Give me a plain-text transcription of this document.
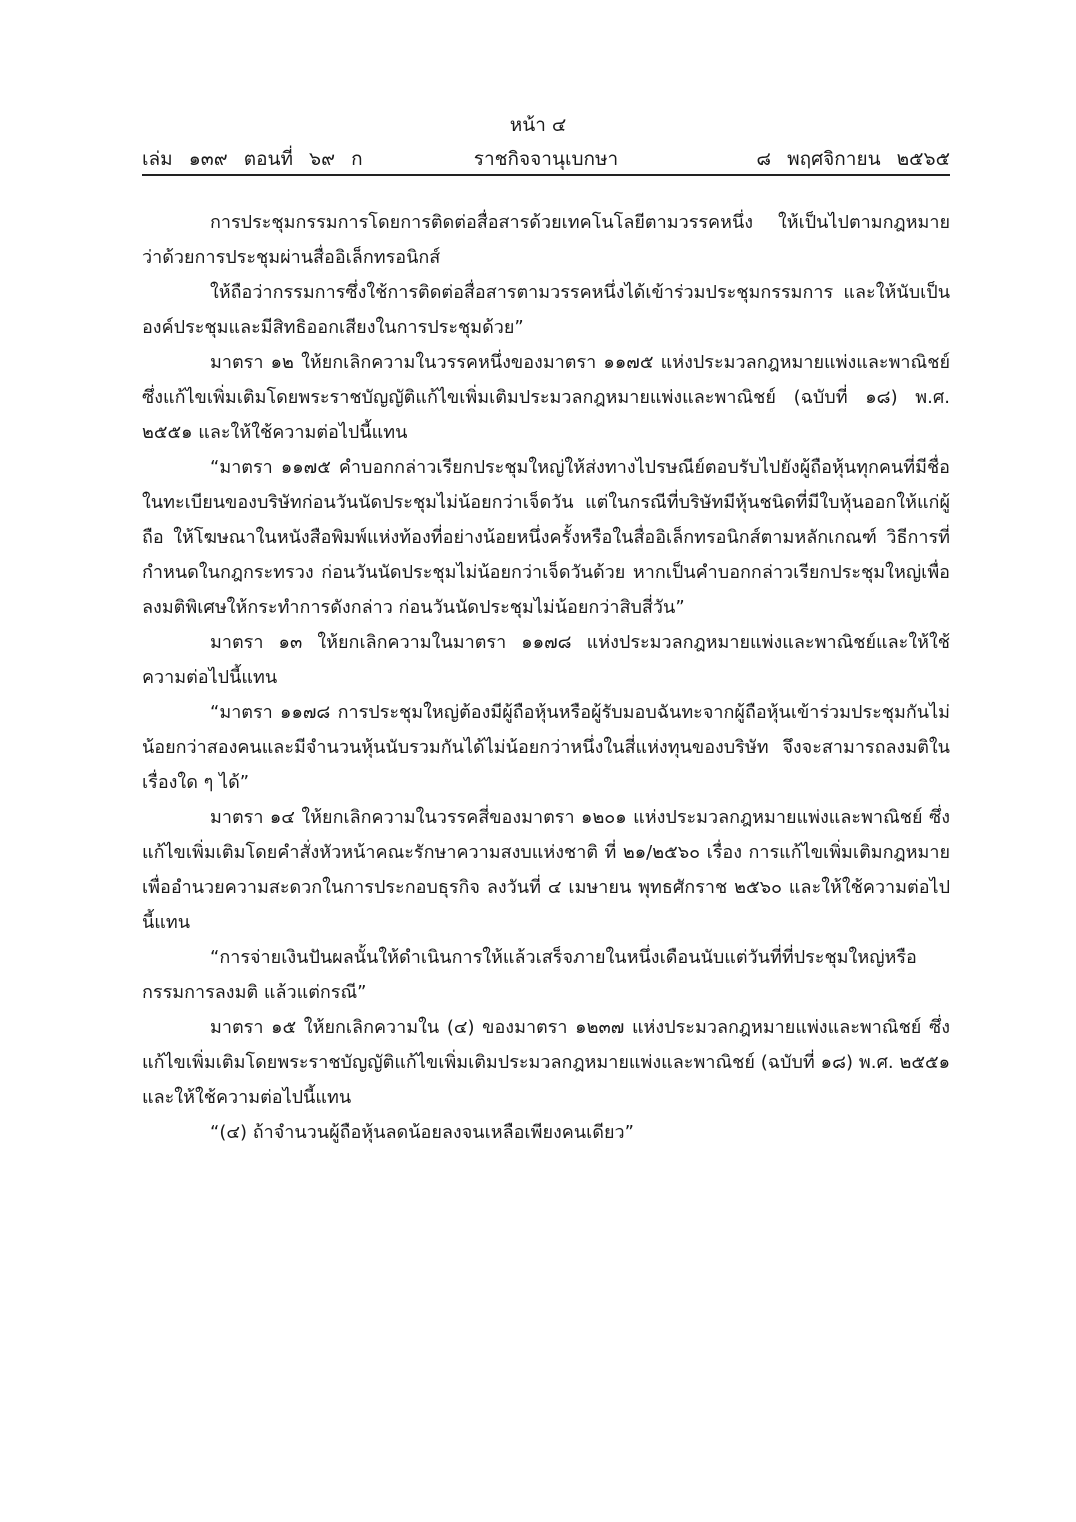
หน้า ๔
เล่ม ๑๓๙ ตอนที่ ๖๙ ก	ราชกิจจานุเบกษา	๘ พฤศจิกายน ๒๕๖๕

การประชุมกรรมการโดยการติดต่อสื่อสารด้วยเทคโนโลยีตามวรรคหนึ่ง ให้เป็นไปตามกฎหมายว่าด้วยการประชุมผ่านสื่ออิเล็กทรอนิกส์

ให้ถือว่ากรรมการซึ่งใช้การติดต่อสื่อสารตามวรรคหนึ่งได้เข้าร่วมประชุมกรรมการ และให้นับเป็นองค์ประชุมและมีสิทธิออกเสียงในการประชุมด้วย”

มาตรา ๑๒ ให้ยกเลิกความในวรรคหนึ่งของมาตรา ๑๑๗๕ แห่งประมวลกฎหมายแพ่งและพาณิชย์ ซึ่งแก้ไขเพิ่มเติมโดยพระราชบัญญัติแก้ไขเพิ่มเติมประมวลกฎหมายแพ่งและพาณิชย์ (ฉบับที่ ๑๘) พ.ศ. ๒๕๕๑ และให้ใช้ความต่อไปนี้แทน

“มาตรา ๑๑๗๕ คำบอกกล่าวเรียกประชุมใหญ่ให้ส่งทางไปรษณีย์ตอบรับไปยังผู้ถือหุ้นทุกคนที่มีชื่อในทะเบียนของบริษัทก่อนวันนัดประชุมไม่น้อยกว่าเจ็ดวัน แต่ในกรณีที่บริษัทมีหุ้นชนิดที่มีใบหุ้นออกให้แก่ผู้ถือ ให้โฆษณาในหนังสือพิมพ์แห่งท้องที่อย่างน้อยหนึ่งครั้งหรือในสื่ออิเล็กทรอนิกส์ตามหลักเกณฑ์ วิธีการที่กำหนดในกฎกระทรวง ก่อนวันนัดประชุมไม่น้อยกว่าเจ็ดวันด้วย หากเป็นคำบอกกล่าวเรียกประชุมใหญ่เพื่อลงมติพิเศษให้กระทำการดังกล่าว ก่อนวันนัดประชุมไม่น้อยกว่าสิบสี่วัน”

มาตรา ๑๓ ให้ยกเลิกความในมาตรา ๑๑๗๘ แห่งประมวลกฎหมายแพ่งและพาณิชย์และให้ใช้ความต่อไปนี้แทน

“มาตรา ๑๑๗๘ การประชุมใหญ่ต้องมีผู้ถือหุ้นหรือผู้รับมอบฉันทะจากผู้ถือหุ้นเข้าร่วมประชุมกันไม่น้อยกว่าสองคนและมีจำนวนหุ้นนับรวมกันได้ไม่น้อยกว่าหนึ่งในสี่แห่งทุนของบริษัท จึงจะสามารถลงมติในเรื่องใด ๆ ได้”

มาตรา ๑๔ ให้ยกเลิกความในวรรคสี่ของมาตรา ๑๒๐๑ แห่งประมวลกฎหมายแพ่งและพาณิชย์ ซึ่งแก้ไขเพิ่มเติมโดยคำสั่งหัวหน้าคณะรักษาความสงบแห่งชาติ ที่ ๒๑/๒๕๖๐ เรื่อง การแก้ไขเพิ่มเติมกฎหมายเพื่ออำนวยความสะดวกในการประกอบธุรกิจ ลงวันที่ ๔ เมษายน พุทธศักราช ๒๕๖๐ และให้ใช้ความต่อไปนี้แทน

“การจ่ายเงินปันผลนั้นให้ดำเนินการให้แล้วเสร็จภายในหนึ่งเดือนนับแต่วันที่ที่ประชุมใหญ่หรือกรรมการลงมติ แล้วแต่กรณี”

มาตรา ๑๕ ให้ยกเลิกความใน (๔) ของมาตรา ๑๒๓๗ แห่งประมวลกฎหมายแพ่งและพาณิชย์ ซึ่งแก้ไขเพิ่มเติมโดยพระราชบัญญัติแก้ไขเพิ่มเติมประมวลกฎหมายแพ่งและพาณิชย์ (ฉบับที่ ๑๘) พ.ศ. ๒๕๕๑ และให้ใช้ความต่อไปนี้แทน

“(๔) ถ้าจำนวนผู้ถือหุ้นลดน้อยลงจนเหลือเพียงคนเดียว”
